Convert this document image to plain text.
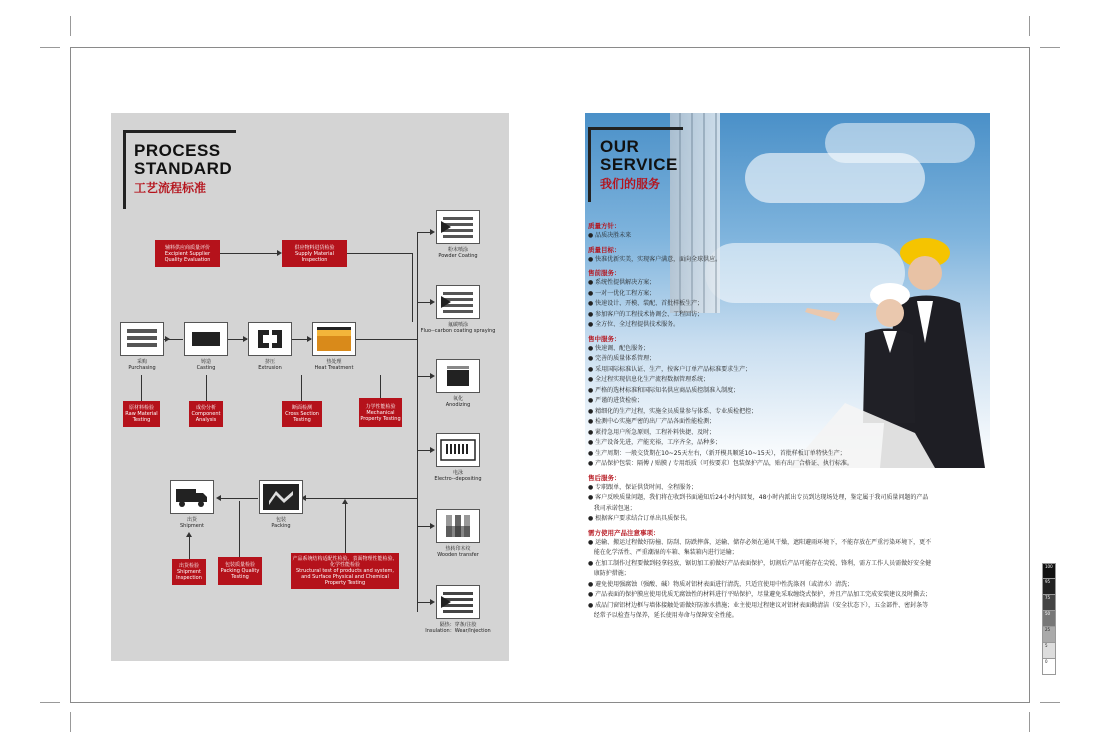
PROCESS
STANDARD
工艺流程标准
辅料供应商质量评价
Excipient Supplier Quality Evaluation
供应物料进货检验
Supply Material Inspection
采购
Purchasing
铸造
Casting
挤压
Extrusion
热处理
Heat Treatment
原材料检验
Raw Material Testing
成份分析
Component Analysis
断面检测
Cross Section Testing
力学性能检验
Mechanical Property Testing
粉末喷涂
Powder Coating
氟碳喷涂
Fluo--carbon coating spraying
氧化
Anodizing
电泳
Electro--depositing
热转印木纹
Wooden transfer
隔热：穿条/注胶
Insulation：Wear/Injection
包装
Packing
出货
Shipment
出货检验
Shipment Inspection
包装质量检验
Packing Quality Testing
产品系统结构适配性检验、表面物理性能检验、化学性能检验
Structural test of products and system, and Surface Physical and Chemical Property Testing
OUR
SERVICE
我们的服务
质量方针：
● 品质决胜未来
质量目标：
● 快准优新实美，实现客户满意，面向全球供应。
售前服务：
● 系统性提供解决方案；
● 一对一优化工程方案；
● 快速设计、开模、装配、首批样板生产；
● 参加客户的工程技术协调会、工程回访；
● 全方位、全过程提供技术服务。
售中服务：
● 快速调、配色服务；
● 完善的质量体系管理；
● 采用国际标准认证、生产，按客户订单产品标准要求生产；
● 全过程实现信息化生产流程数据管理系统；
● 严格的选材标准和国际知名供应商品质控制准入制度；
● 严谨的进货检验；
● 精细化的生产过程，实施全员质量参与体系、专业质检把控；
● 检测中心实施严密的出厂产品各面性能检测；
● 紧持急用户所急原则，工程补料快捷、及时；
● 生产设备先进，产能充裕，工序齐全，品种多；
● 生产周期：一般交货期在10~25天左右，（新开模具顺延10~15天），首批样板订单特快生产；
● 产品保护包装：隔傅 / 贴膜 / 专用纸质（可按要求）包装保护产品，贴有出厂合格证、执行标准。
售后服务：
● 专职跟单，保证供货时间、全程服务；
● 客户反映质量问题，我们将在收到书面通知后24小时内回复，48小时内派出专员到达现场处理，鉴定属于我司质量问题的产品
我司承诺包退；
● 根据客户要求结合订单出具质保书。
需方使用产品注意事项：
● 运输、搬运过程做好防撞、防刮、防跌摔落，运输、储存必须在通风干燥，遮阳避雨环境下，不能存放在严重污染环境下，更不
能在化学活性、严重潮湿的车箱、集装箱内进行运输；
● 在加工制作过程要做到轻拿轻放，锯切加工前做好产品表面保护，切割后产品可能存在尖锐、锋利，需方工作人员需做好安全健
康防护措施；
● 避免使用强腐蚀（强酸、碱）物质对铝材表面进行清洗，只适宜使用中性洗涤剂（或清水）清洗；
● 产品表面的保护膜应使用优质无腐蚀性的材料进行平贴保护，尽量避免采取缠绕式保护，并且产品加工完成安装建议及时撕去；
● 成品门窗铝材边框与墙体接触处需做好防渗水措施；业主使用过程建议对铝材表面勤清洁（安全状态下），五金部件、密封条等
经常予以检查与保养，延长使用寿命与保障安全性能。
100
95
75
50
25
5
0
